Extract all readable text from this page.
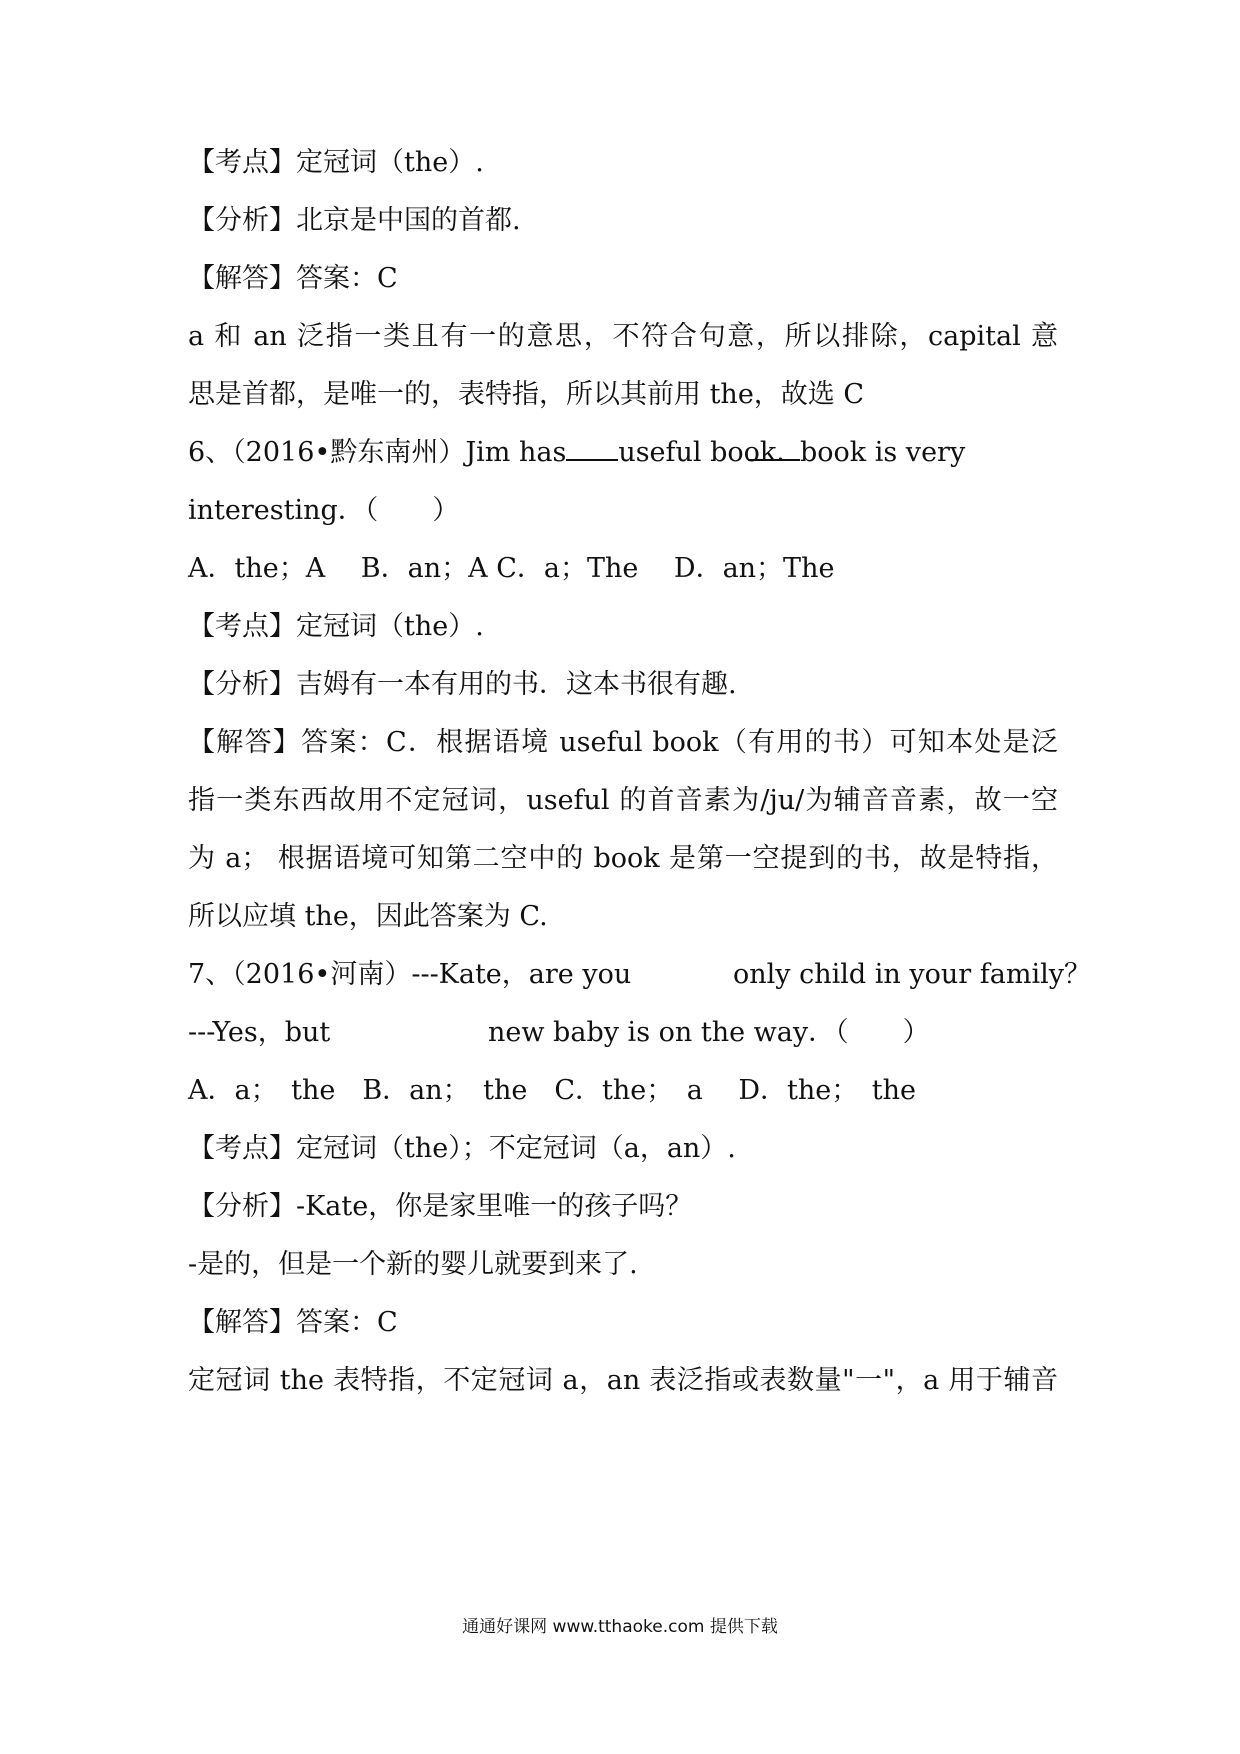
【考点】定冠词（the）.
【分析】北京是中国的首都.
【解答】答案：C
a 和 an 泛指一类且有一的意思，不符合句意，所以排除，capital 意
思是首都，是唯一的，表特指，所以其前用 the，故选 C
6、（2016•黔东南州）Jim has useful book．
book is very
interesting．（　　）
A．the；A　 B．an；A C．a；The　 D．an；The
【考点】定冠词（the）.
【分析】吉姆有一本有用的书．这本书很有趣.
【解答】答案：C．根据语境 useful book（有用的书）可知本处是泛
指一类东西故用不定冠词，useful 的首音素为/ju/为辅音音素，故一空
为 a； 根据语境可知第二空中的 book 是第一空提到的书，故是特指，
所以应填 the，因此答案为 C.
7、（2016•河南）---Kate，are you	only child in your family？
---Yes，but	new baby is on the way．（　　）
A．a；　the　B．an；　the　C．the；　a　 D．the；　the
【考点】定冠词（the）；不定冠词（a，an）.
【分析】-Kate，你是家里唯一的孩子吗？
-是的，但是一个新的婴儿就要到来了.
【解答】答案：C
定冠词 the 表特指，不定冠词 a，an 表泛指或表数量"一"，a 用于辅音
通通好课网 www.tthaoke.com 提供下载
